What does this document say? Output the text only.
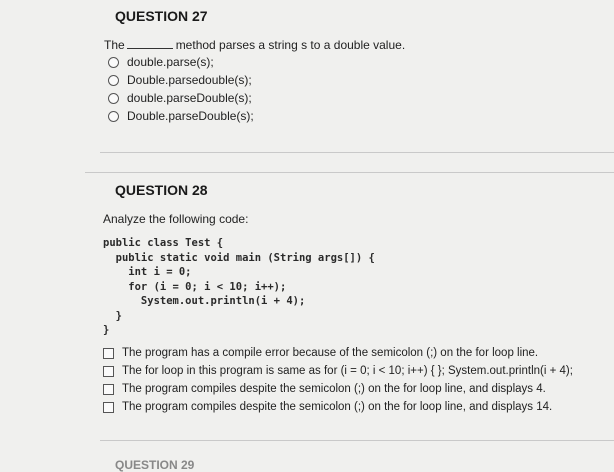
QUESTION 27
The	method parses a string s to a double value.
double.parse(s);
Double.parsedouble(s);
double.parseDouble(s);
Double.parseDouble(s);
QUESTION 28
Analyze the following code:
public class Test {
public static void main (String args[]) {
int i = 0;
for (i = 0; i < 10; i++);
System.out.println(i + 4);
}
}
The program has a compile error because of the semicolon (;) on the for loop line.
The for loop in this program is same as for (i = 0; i < 10; i++) { }; System.out.println(i + 4);
The program compiles despite the semicolon (;) on the for loop line, and displays 4.
The program compiles despite the semicolon (;) on the for loop line, and displays 14.
QUESTION 29
